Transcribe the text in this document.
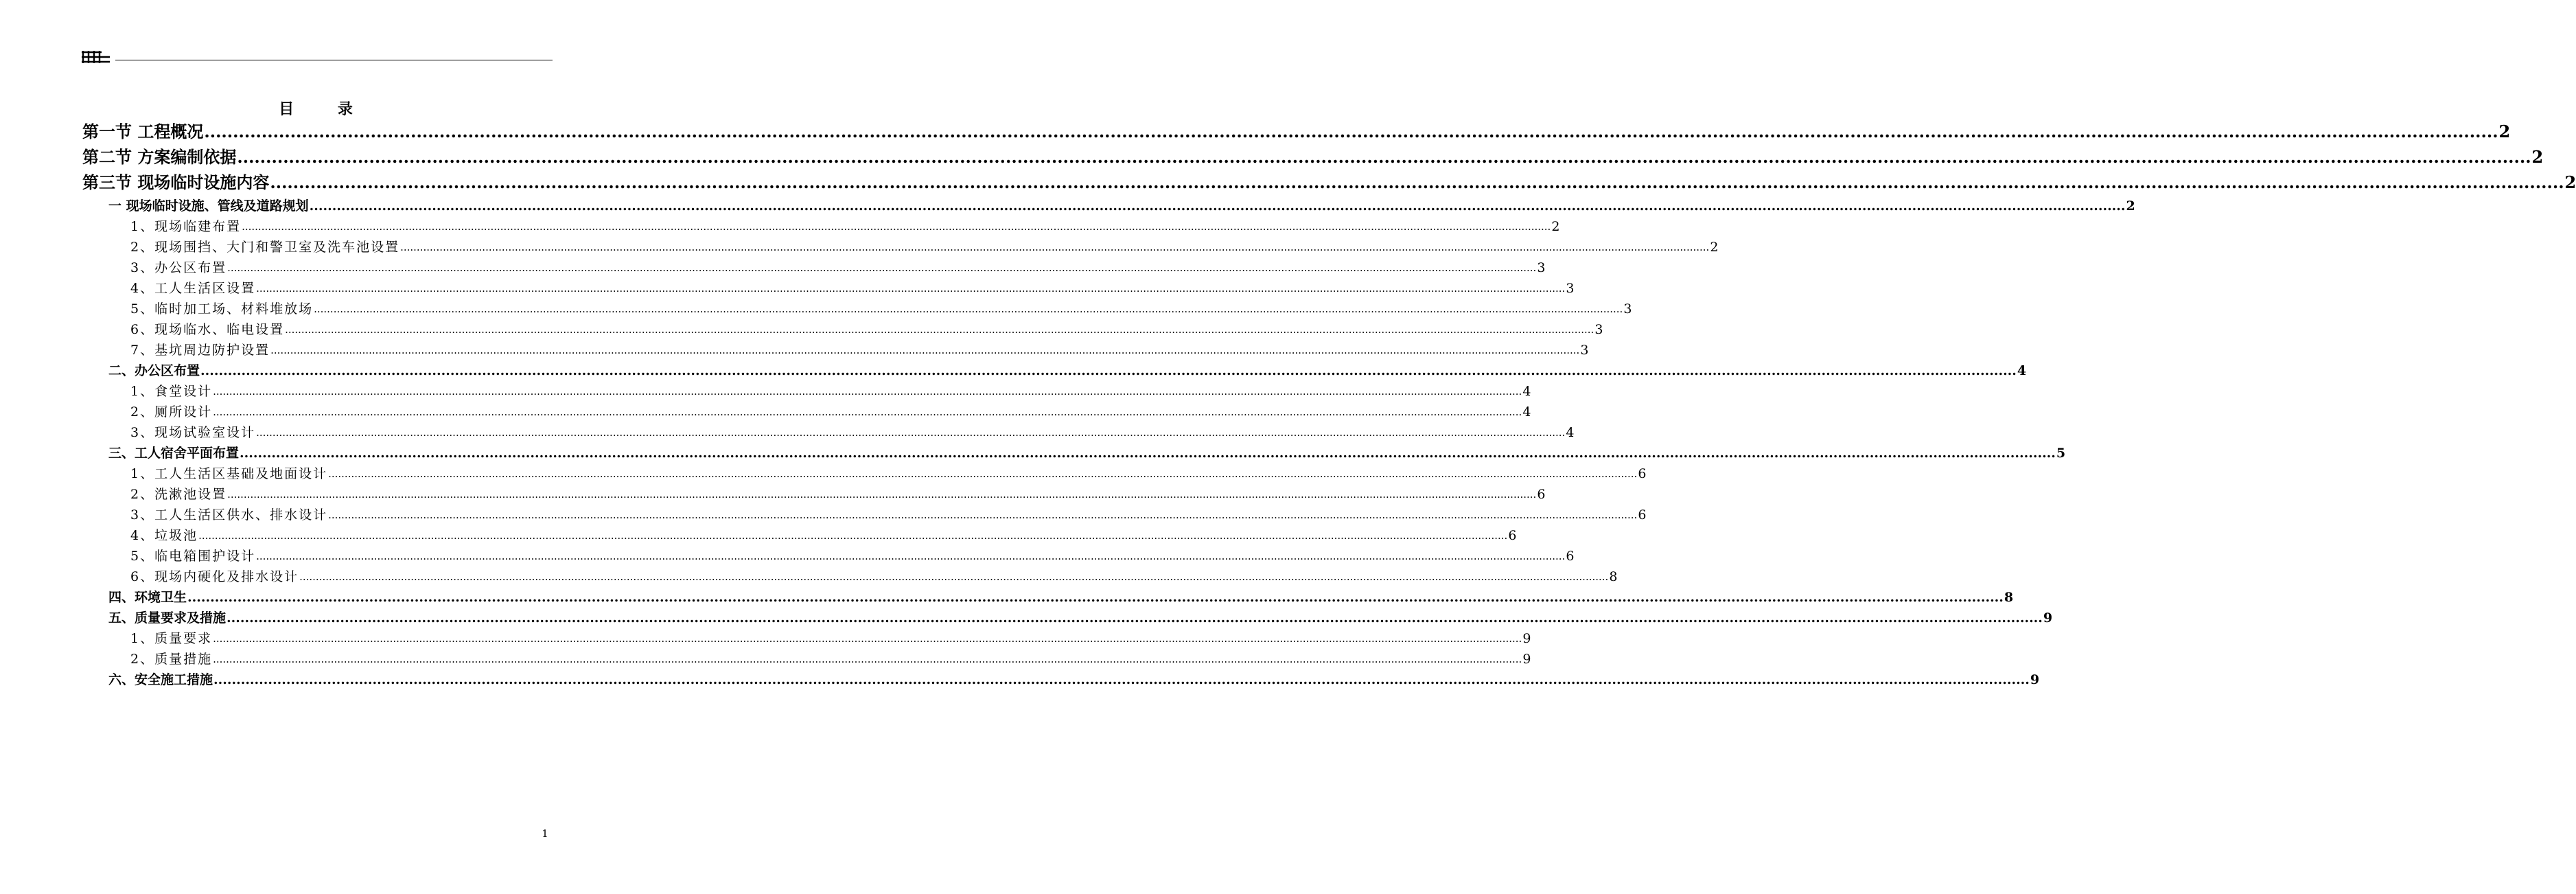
目 录
第一节 工程概况 ................................................................................................................................................................................................................................................................................................................................................................................................................ 2
第二节 方案编制依据 ................................................................................................................................................................................................................................................................................................................................................................................................................ 2
第三节 现场临时设施内容 ................................................................................................................................................................................................................................................................................................................................................................................................................ 2
一 现场临时设施、管线及道路规划 ................................................................................................................................................................................................................................................................................................................................................................................................................ 2
1、现场临建布置 ................................................................................................................................................................................................................................................................................................................................................................................................................ 2
2、现场围挡、大门和警卫室及洗车池设置 ................................................................................................................................................................................................................................................................................................................................................................................................................ 2
3、办公区布置 ................................................................................................................................................................................................................................................................................................................................................................................................................ 3
4、工人生活区设置 ................................................................................................................................................................................................................................................................................................................................................................................................................ 3
5、临时加工场、材料堆放场 ................................................................................................................................................................................................................................................................................................................................................................................................................ 3
6、现场临水、临电设置 ................................................................................................................................................................................................................................................................................................................................................................................................................ 3
7、基坑周边防护设置 ................................................................................................................................................................................................................................................................................................................................................................................................................ 3
二、办公区布置 ................................................................................................................................................................................................................................................................................................................................................................................................................ 4
1、食堂设计 ................................................................................................................................................................................................................................................................................................................................................................................................................ 4
2、厕所设计 ................................................................................................................................................................................................................................................................................................................................................................................................................ 4
3、现场试验室设计 ................................................................................................................................................................................................................................................................................................................................................................................................................ 4
三、工人宿舍平面布置 ................................................................................................................................................................................................................................................................................................................................................................................................................ 5
1、工人生活区基础及地面设计 ................................................................................................................................................................................................................................................................................................................................................................................................................ 6
2、洗漱池设置 ................................................................................................................................................................................................................................................................................................................................................................................................................ 6
3、工人生活区供水、排水设计 ................................................................................................................................................................................................................................................................................................................................................................................................................ 6
4、垃圾池 ................................................................................................................................................................................................................................................................................................................................................................................................................ 6
5、临电箱围护设计 ................................................................................................................................................................................................................................................................................................................................................................................................................ 6
6、现场内硬化及排水设计 ................................................................................................................................................................................................................................................................................................................................................................................................................ 8
四、环境卫生 ................................................................................................................................................................................................................................................................................................................................................................................................................ 8
五、质量要求及措施 ................................................................................................................................................................................................................................................................................................................................................................................................................ 9
1、质量要求 ................................................................................................................................................................................................................................................................................................................................................................................................................ 9
2、质量措施 ................................................................................................................................................................................................................................................................................................................................................................................................................ 9
六、安全施工措施 ................................................................................................................................................................................................................................................................................................................................................................................................................ 9
1
